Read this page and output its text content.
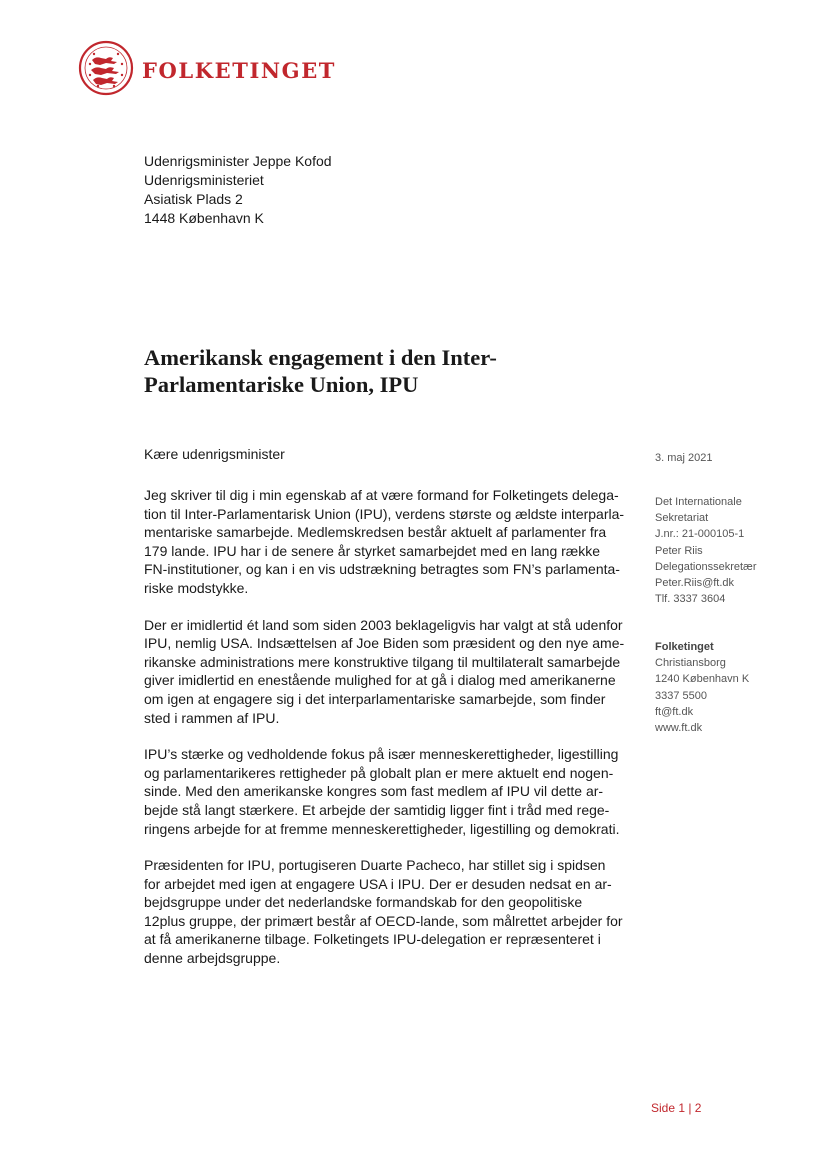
FOLKETINGET
Udenrigsminister Jeppe Kofod
Udenrigsministeriet
Asiatisk Plads 2
1448 København K
Amerikansk engagement i den Inter-
Parlamentariske Union, IPU
Kære udenrigsminister
Jeg skriver til dig i min egenskab af at være formand for Folketingets delega-
tion til Inter-Parlamentarisk Union (IPU), verdens største og ældste interparla-
mentariske samarbejde. Medlemskredsen består aktuelt af parlamenter fra
179 lande. IPU har i de senere år styrket samarbejdet med en lang række
FN-institutioner, og kan i en vis udstrækning betragtes som FN’s parlamenta-
riske modstykke.
Der er imidlertid ét land som siden 2003 beklageligvis har valgt at stå udenfor
IPU, nemlig USA. Indsættelsen af Joe Biden som præsident og den nye ame-
rikanske administrations mere konstruktive tilgang til multilateralt samarbejde
giver imidlertid en enestående mulighed for at gå i dialog med amerikanerne
om igen at engagere sig i det interparlamentariske samarbejde, som finder
sted i rammen af IPU.
IPU’s stærke og vedholdende fokus på især menneskerettigheder, ligestilling
og parlamentarikeres rettigheder på globalt plan er mere aktuelt end nogen-
sinde. Med den amerikanske kongres som fast medlem af IPU vil dette ar-
bejde stå langt stærkere. Et arbejde der samtidig ligger fint i tråd med rege-
ringens arbejde for at fremme menneskerettigheder, ligestilling og demokrati.
Præsidenten for IPU, portugiseren Duarte Pacheco, har stillet sig i spidsen
for arbejdet med igen at engagere USA i IPU. Der er desuden nedsat en ar-
bejdsgruppe under det nederlandske formandskab for den geopolitiske
12plus gruppe, der primært består af OECD-lande, som målrettet arbejder for
at få amerikanerne tilbage. Folketingets IPU-delegation er repræsenteret i
denne arbejdsgruppe.
3. maj 2021
Det Internationale
Sekretariat
J.nr.: 21-000105-1
Peter Riis
Delegationssekretær
Peter.Riis@ft.dk
Tlf. 3337 3604
Folketinget
Christiansborg
1240 København K
3337 5500
ft@ft.dk
www.ft.dk
Side 1 | 2
